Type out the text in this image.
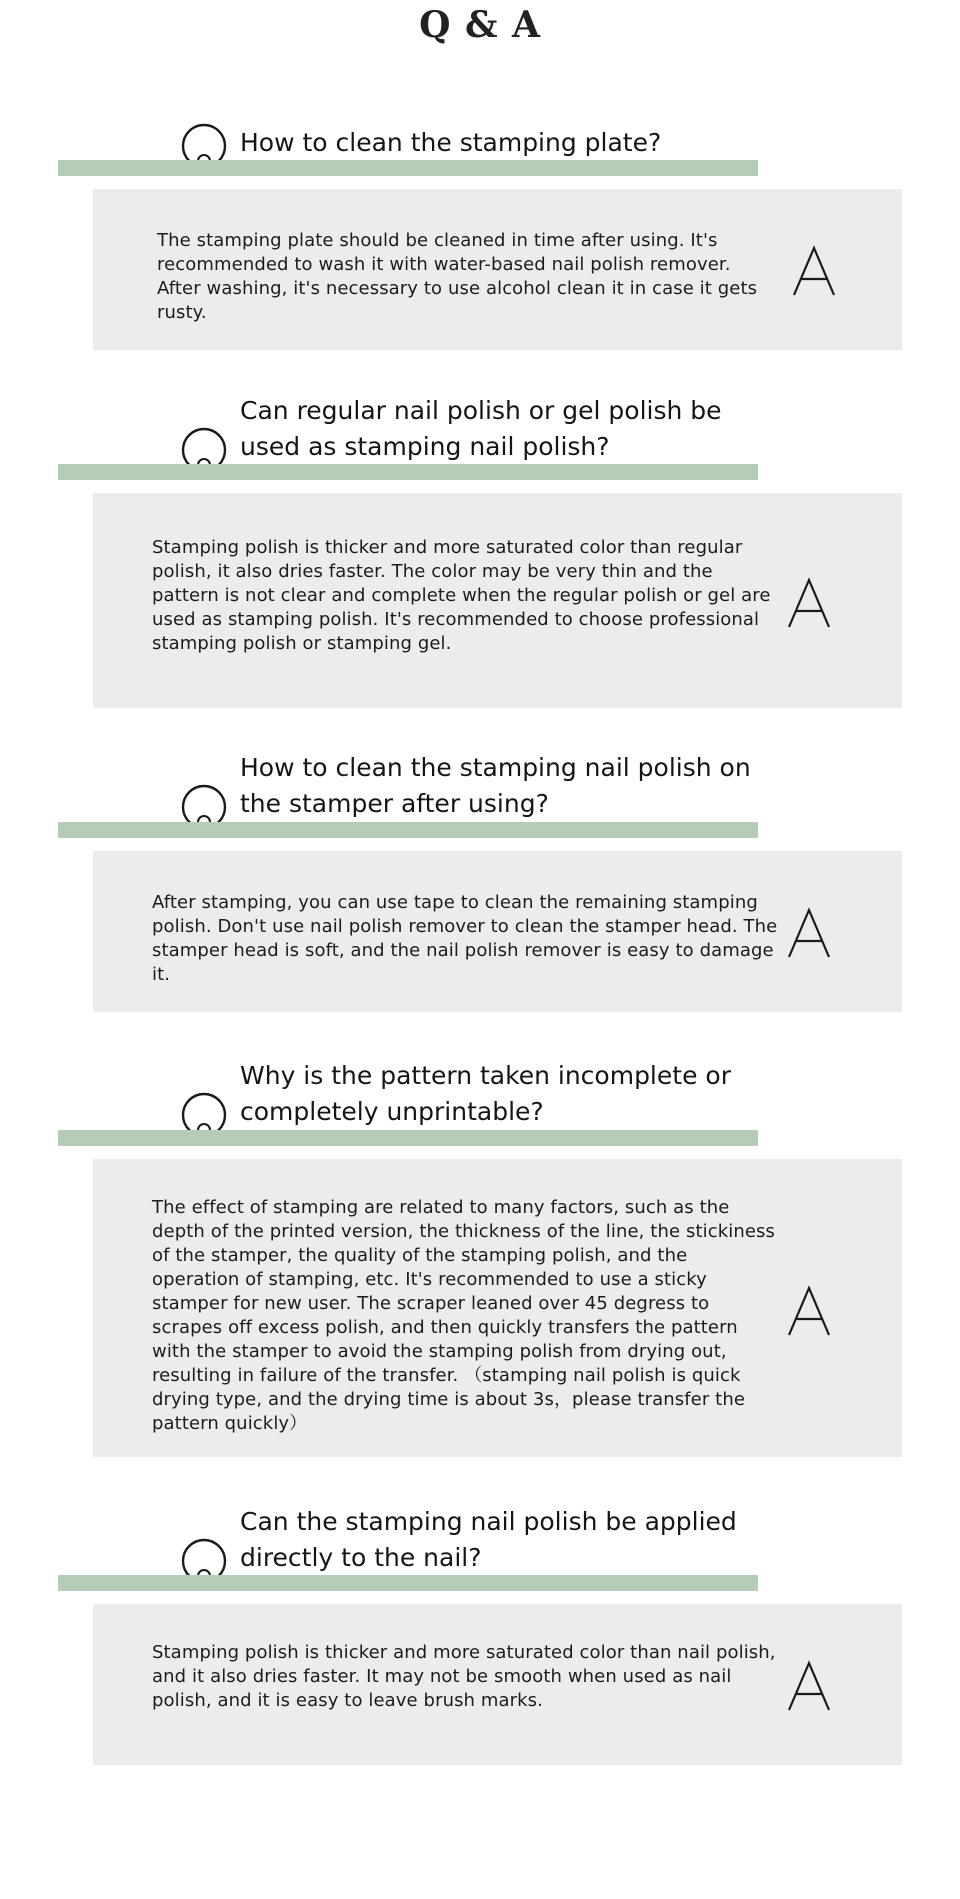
Q & A
How to clean the stamping plate?
The stamping plate should be cleaned in time after using. It's recommended to wash it with water-based nail polish remover. After washing, it's necessary to use alcohol clean it in case it gets rusty.
Can regular nail polish or gel polish be used as stamping nail polish?
Stamping polish is thicker and more saturated color than regular polish, it also dries faster. The color may be very thin and the pattern is not clear and complete when the regular polish or gel are used as stamping polish. It's recommended to choose professional stamping polish or stamping gel.
How to clean the stamping nail polish on the stamper after using?
After stamping, you can use tape to clean the remaining stamping polish. Don't use nail polish remover to clean the stamper head. The stamper head is soft, and the nail polish remover is easy to damage it.
Why is the pattern taken incomplete or completely unprintable?
The effect of stamping are related to many factors, such as the depth of the printed version, the thickness of the line, the stickiness of the stamper, the quality of the stamping polish, and the operation of stamping, etc. It's recommended to use a sticky stamper for new user. The scraper leaned over 45 degress to scrapes off excess polish, and then quickly transfers the pattern with the stamper to avoid the stamping polish from drying out, resulting in failure of the transfer. （stamping nail polish is quick drying type, and the drying time is about 3s，please transfer the pattern quickly）
Can the stamping nail polish be applied directly to the nail?
Stamping polish is thicker and more saturated color than nail polish, and it also dries faster. It may not be smooth when used as nail polish, and it is easy to leave brush marks.
